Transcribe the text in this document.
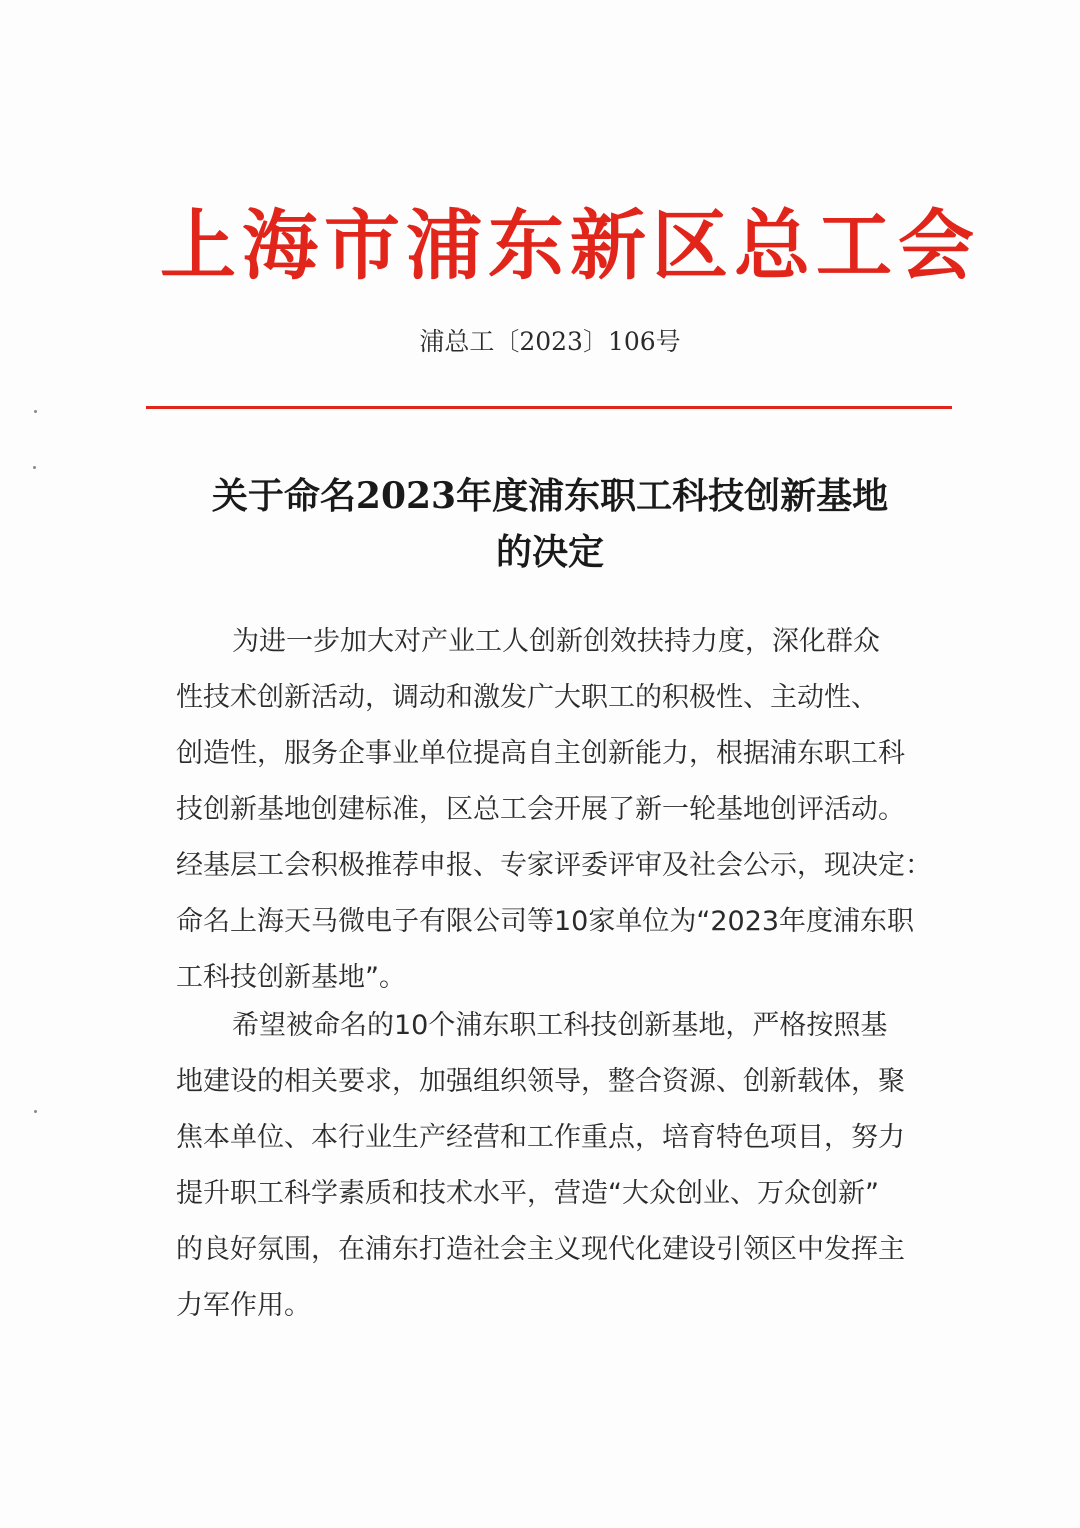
上海市浦东新区总工会
浦总工〔2023〕106号
关于命名2023年度浦东职工科技创新基地
的决定
为进一步加大对产业工人创新创效扶持力度，深化群众
性技术创新活动，调动和激发广大职工的积极性、主动性、
创造性，服务企事业单位提高自主创新能力，根据浦东职工科
技创新基地创建标准，区总工会开展了新一轮基地创评活动。
经基层工会积极推荐申报、专家评委评审及社会公示，现决定：
命名上海天马微电子有限公司等10家单位为“2023年度浦东职
工科技创新基地”。
希望被命名的10个浦东职工科技创新基地，严格按照基
地建设的相关要求，加强组织领导，整合资源、创新载体，聚
焦本单位、本行业生产经营和工作重点，培育特色项目，努力
提升职工科学素质和技术水平，营造“大众创业、万众创新”
的良好氛围，在浦东打造社会主义现代化建设引领区中发挥主
力军作用。
